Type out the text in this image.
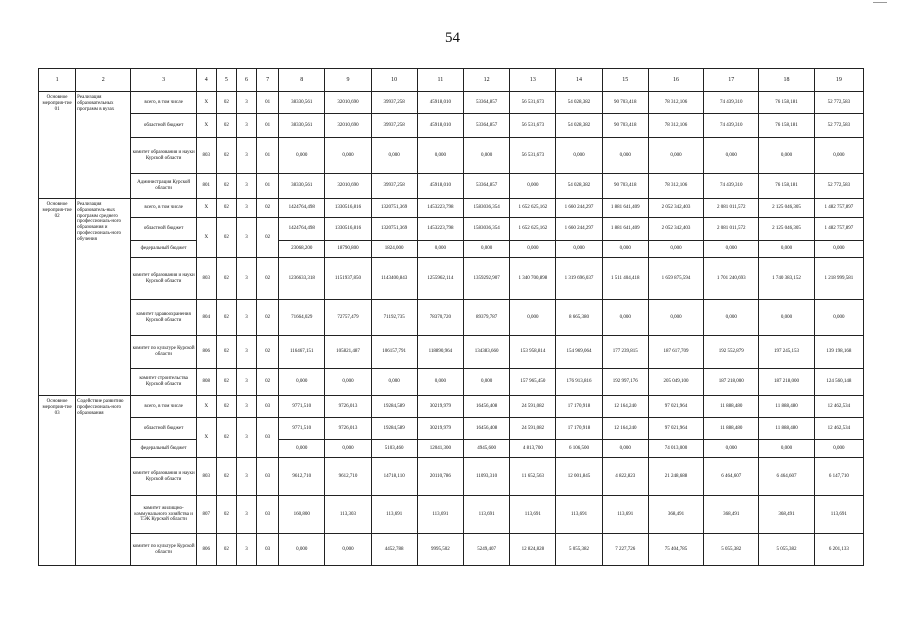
54
1	2	3	4	5	6	7	8	9	10	11	12	13	14	15	16	17	18	19
Основное мероприя-тие 01	Реализация образовательных программ в вузах	всего, в том числе	X	02	3	01	38330,561	32010,690	39937,258	45918,010	53364,857	56 531,673	54 028,382	90 703,418	78 312,106	74 439,310	76 158,181	52 772,583
		областной бюджет	X	02	3	01	38330,561	32010,690	39937,258	45918,010	53364,857	56 531,673	54 028,382	90 703,418	78 312,106	74 439,310	76 158,181	52 772,583
		комитет образования и науки Курской области	803	02	3	01	0,000	0,000	0,000	0,000	0,000	56 531,673	0,000	0,000	0,000	0,000	0,000	0,000
		Администрация Курской области	801	02	3	01	38330,561	32010,690	39937,258	45918,010	53364,857	0,000	54 028,382	90 703,418	78 312,106	74 439,310	76 158,181	52 772,583
Основное мероприя-тие 02	Реализация образователь-ных программ среднего профессиональ-ного образования и профессиональ-ного обучения	всего, в том числе	X	02	3	02	1424764,498	1330516,816	1320751,369	1453223,798	1583036,354	1 652 625,162	1 660 244,297	1 881 641,409	2 052 342,403	2 081 011,572	2 125 046,305	1 482 757,897
		областной бюджет	X	02	3	02	1424764,498	1330516,816	1320751,369	1453223,798	1583036,354	1 652 625,162	1 660 244,297	1 881 641,409	2 052 342,403	2 081 011,572	2 125 046,305	1 482 757,897
		федеральный бюджет					23068,200	18790,800	1824,000	0,000	0,000	0,000	0,000	0,000	0,000	0,000	0,000	0,000
		комитет образования и науки Курской области	803	02	3	02	1236633,318	1151937,850	1143400,843	1255962,114	1359292,907	1 340 700,898	1 319 696,037	1 511 404,418	1 659 875,594	1 701 240,693	1 740 383,152	1 218 999,581
		комитет здравоохранения Курской области	804	02	3	02	71664,029	72757,479	71192,735	78370,720	89379,787	0,000	8 665,380	0,000	0,000	0,000	0,000	0,000
		комитет по культуре Курской области	806	02	3	02	116467,151	105821,487	106157,791	118890,964	134383,660	153 958,814	154 969,064	177 239,815	187 617,709	192 552,879	197 245,153	139 198,168
		комитет строительства Курской области	808	02	3	02	0,000	0,000	0,000	0,000	0,000	157 965,450	176 913,816	192 997,176	205 049,100	187 218,000	187 218,000	124 560,148
Основное мероприя-тие 03	Содействие развитию профессиональ-ного образования	всего, в том числе	X	02	3	03	9771,510	9726,013	19284,589	30219,979	16456,408	24 591,082	17 170,918	12 164,240	97 021,964	11 888,480	11 888,480	12 462,534
		областной бюджет	X	02	3	03	9771,510	9726,013	19284,589	30219,979	16456,408	24 591,082	17 170,918	12 164,240	97 021,964	11 888,480	11 888,480	12 462,534
		федеральный бюджет					0,000	0,000	5103,460	12041,300	4945,600	4 813,700	6 106,500	0,000	74 013,000	0,000	0,000	0,000
		комитет образования и науки Курской области	803	02	3	03	9612,710	9612,710	14718,110	20110,786	11093,310	11 652,563	12 001,845	4 822,823	21 248,688	6 464,607	6 464,607	6 147,710
		комитет жилищно-коммунального хозяйства и ТЭК Курской области	807	02	3	03	160,800	113,303	113,691	113,691	113,691	113,691	113,691	113,691	368,491	368,491	368,491	113,691
		комитет по культуре Курской области	806	02	3	03	0,000	0,000	4452,788	9995,502	5249,407	12 824,828	5 055,382	7 227,726	75 404,785	5 055,382	5 055,382	6 201,133
